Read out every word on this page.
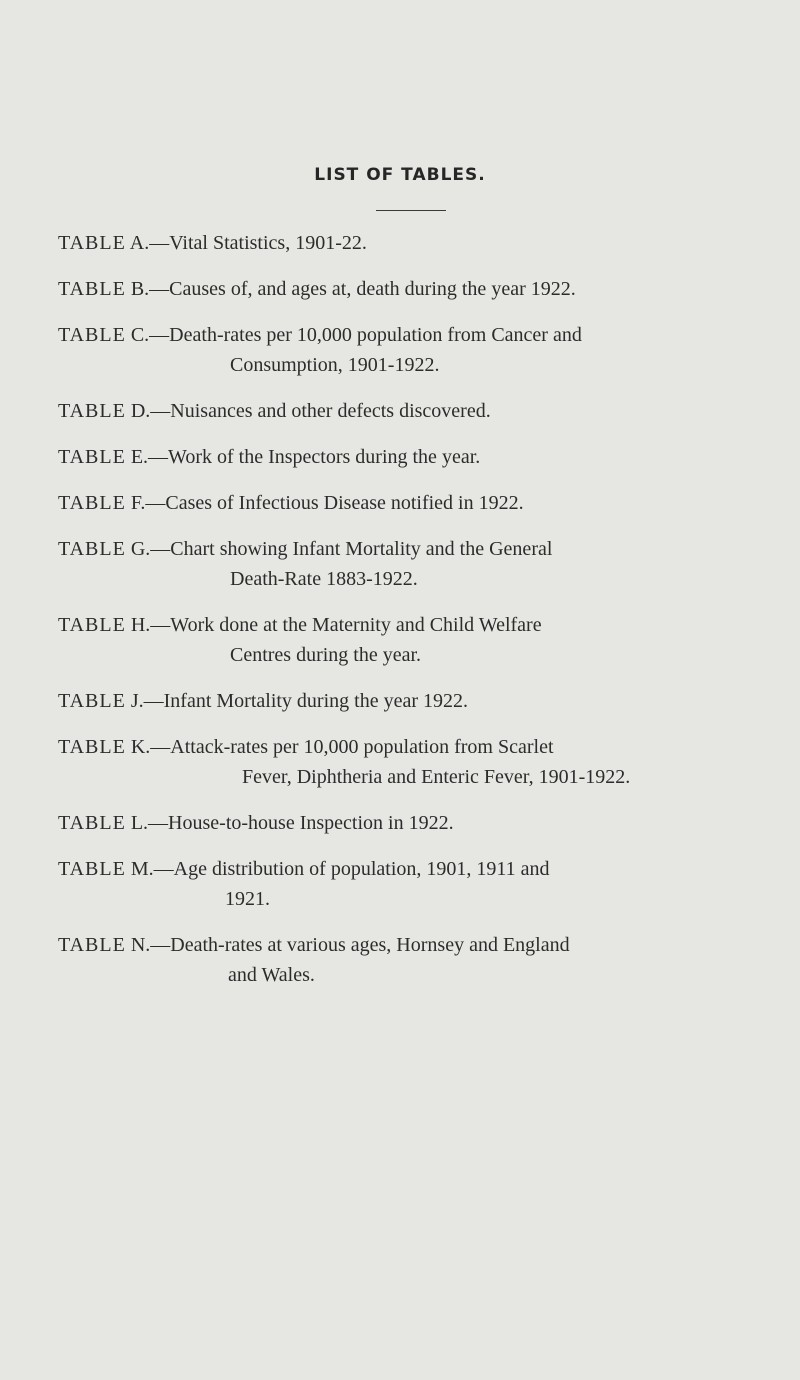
LIST OF TABLES.
TABLE A.—Vital Statistics, 1901-22.
TABLE B.—Causes of, and ages at, death during the year 1922.
TABLE C.—Death-rates per 10,000 population from Cancer and
Consumption, 1901-1922.
TABLE D.—Nuisances and other defects discovered.
TABLE E.—Work of the Inspectors during the year.
TABLE F.—Cases of Infectious Disease notified in 1922.
TABLE G.—Chart showing Infant Mortality and the General
Death-Rate 1883-1922.
TABLE H.—Work done at the Maternity and Child Welfare
Centres during the year.
TABLE J.—Infant Mortality during the year 1922.
TABLE K.—Attack-rates per 10,000 population from Scarlet
Fever, Diphtheria and Enteric Fever, 1901-1922.
TABLE L.—House-to-house Inspection in 1922.
TABLE M.—Age distribution of population, 1901, 1911 and
1921.
TABLE N.—Death-rates at various ages, Hornsey and England
and Wales.
